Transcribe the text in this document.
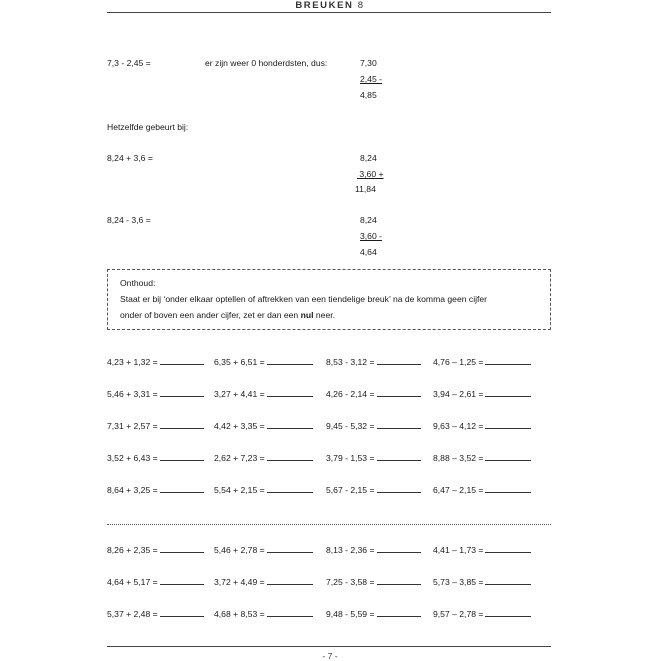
BREUKEN 8
7,3 - 2,45 =	er zijn weer 0 honderdsten, dus:	7,30
2,45 -
4,85
Hetzelfde gebeurt bij:
8,24 + 3,6 =	8,24
3,60 +
11,84
8,24 - 3,6 =	8,24
3,60 -
4,64
Onthoud:
Staat er bij ‘onder elkaar optellen of aftrekken van een tiendelige breuk’ na de komma geen cijfer
onder of boven een ander cijfer, zet er dan een nul neer.
4,23 + 1,32 =	6,35 + 6,51 =	8,53 - 3,12 =	4,76 – 1,25 =
5,46 + 3,31 =	3,27 + 4,41 =	4,26 - 2,14 =	3,94 – 2,61 =
7,31 + 2,57 =	4,42 + 3,35 =	9,45 - 5,32 =	9,63 – 4,12 =
3,52 + 6,43 =	2,62 + 7,23 =	3,79 - 1,53 =	8,88 – 3,52 =
8,64 + 3,25 =	5,54 + 2,15 =	5,67 - 2,15 =	6,47 – 2,15 =
8,26 + 2,35 =	5,46 + 2,78 =	8,13 - 2,36 =	4,41 – 1,73 =
4,64 + 5,17 =	3,72 + 4,49 =	7,25 - 3,58 =	5,73 – 3,85 =
5,37 + 2,48 =	4,68 + 8,53 =	9,48 - 5,59 =	9,57 – 2,78 =
- 7 -
